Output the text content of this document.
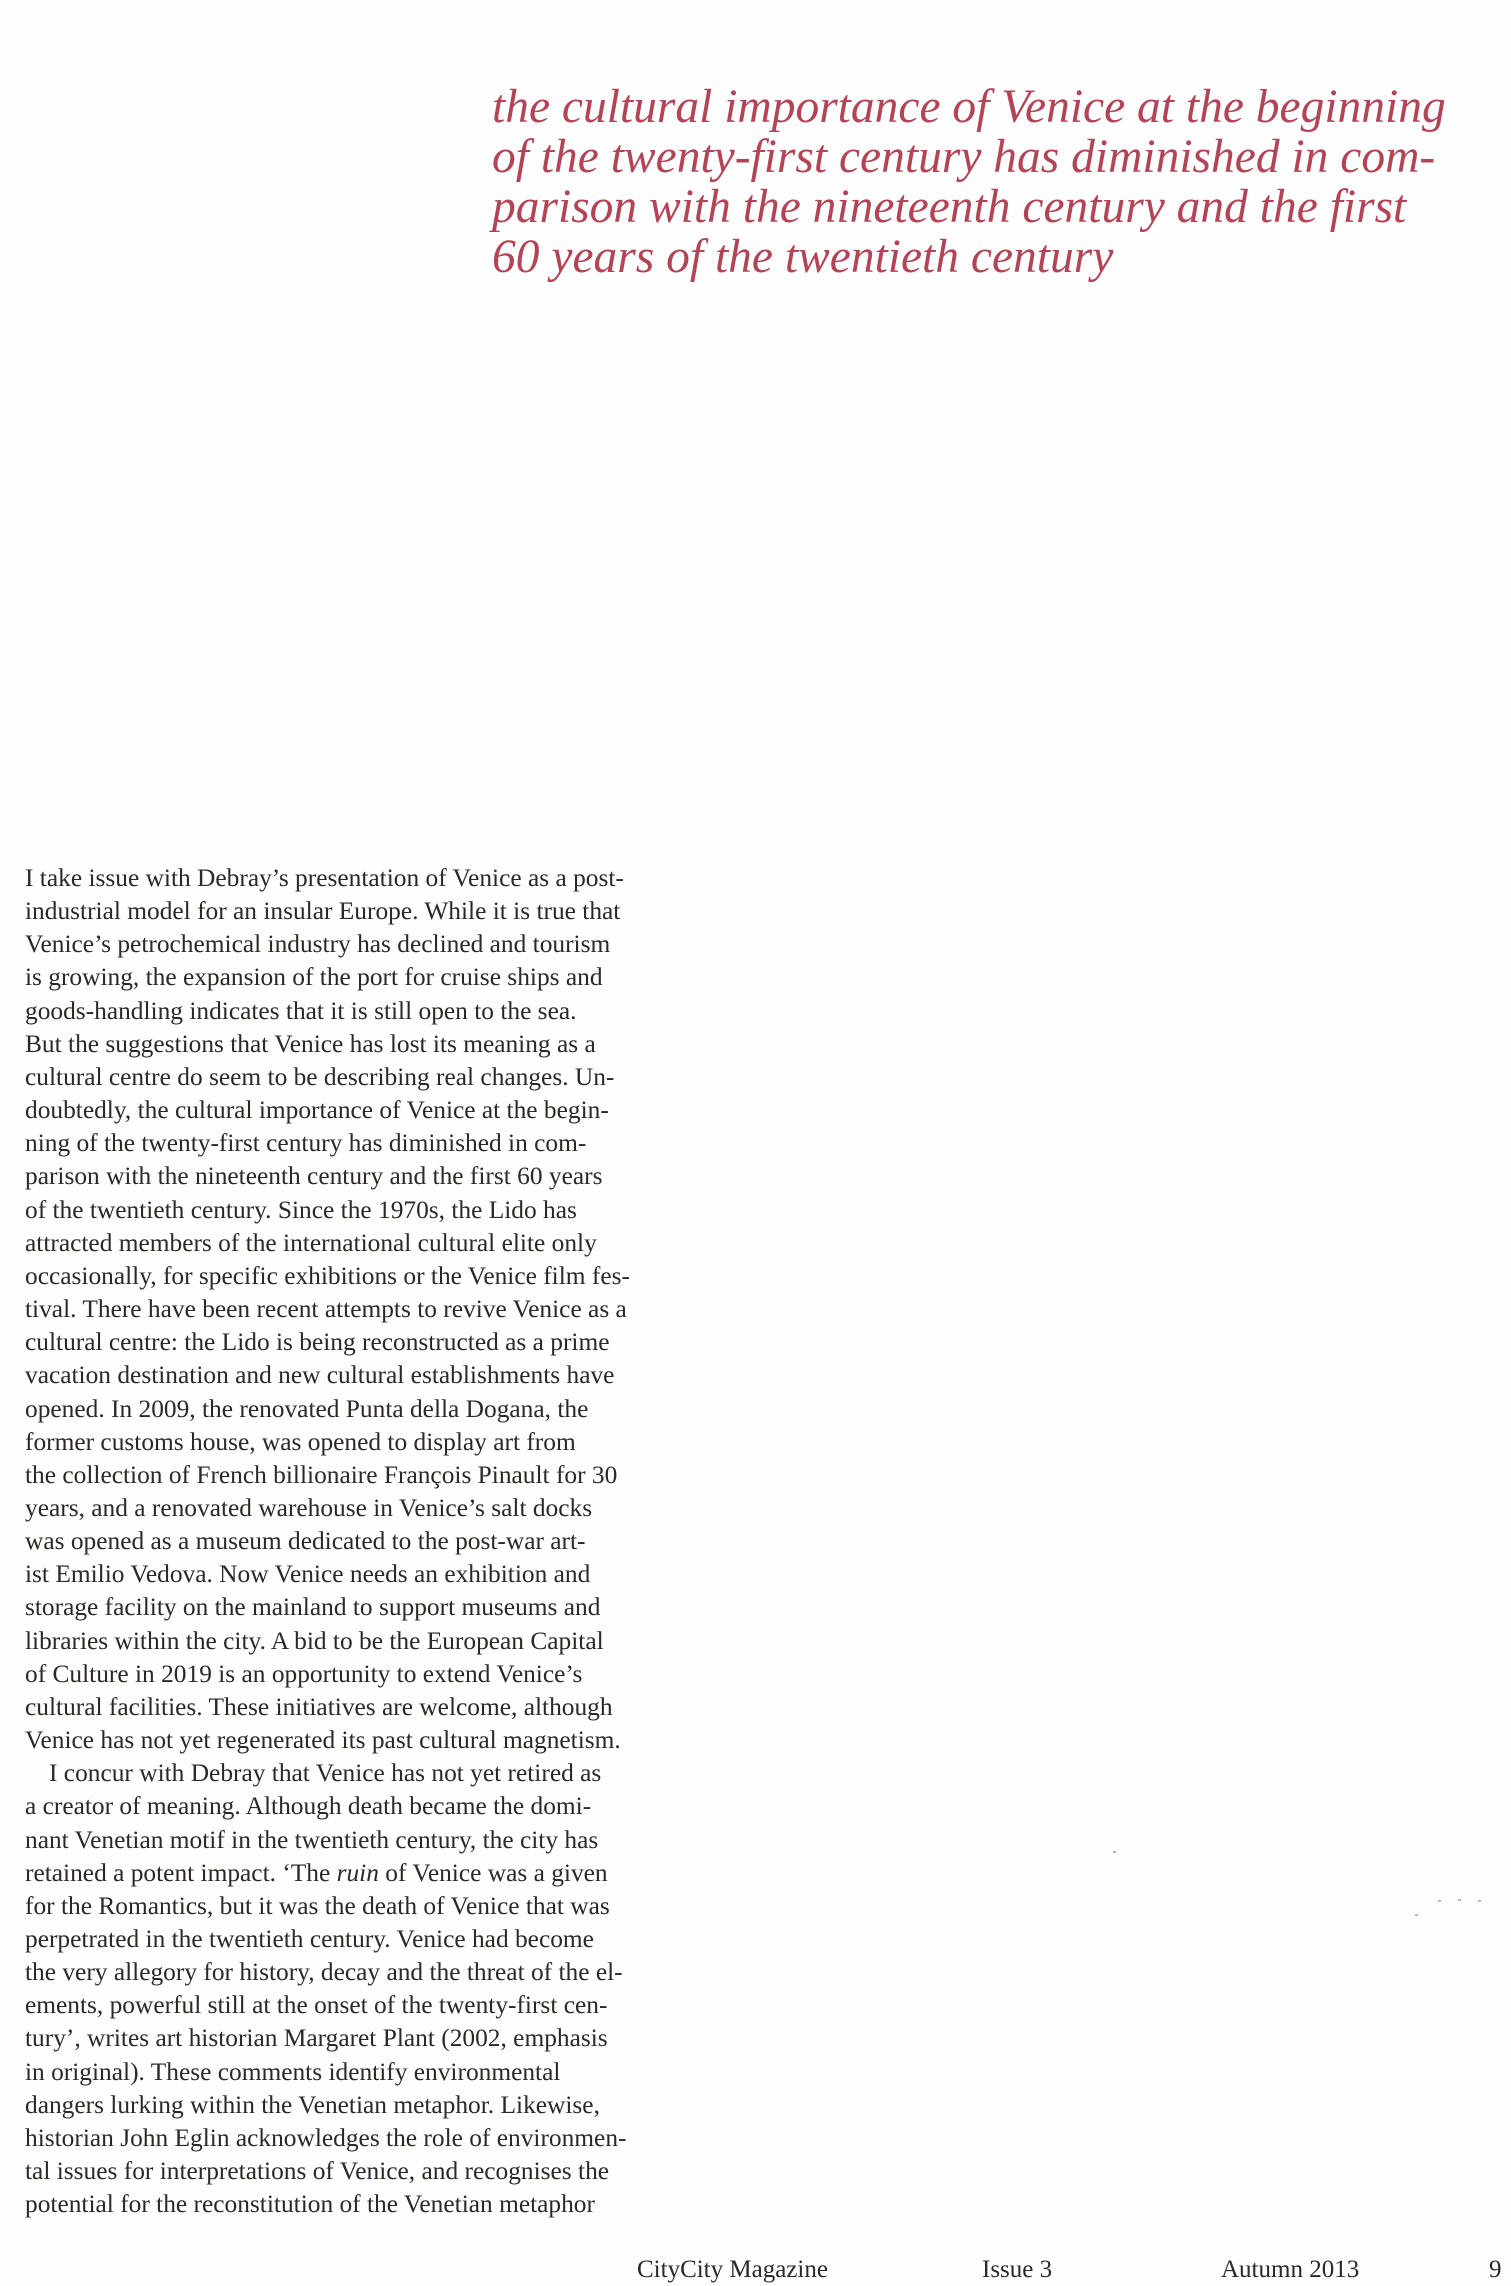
the cultural importance of Venice at the beginning
of the twenty-first century has diminished in com-
parison with the nineteenth century and the first
60 years of the twentieth century
I take issue with Debray’s presentation of Venice as a post-
industrial model for an insular Europe. While it is true that
Venice’s petrochemical industry has declined and tourism
is growing, the expansion of the port for cruise ships and
goods-handling indicates that it is still open to the sea.
But the suggestions that Venice has lost its meaning as a
cultural centre do seem to be describing real changes. Un-
doubtedly, the cultural importance of Venice at the begin-
ning of the twenty-first century has diminished in com-
parison with the nineteenth century and the first 60 years
of the twentieth century. Since the 1970s, the Lido has
attracted members of the international cultural elite only
occasionally, for specific exhibitions or the Venice film fes-
tival. There have been recent attempts to revive Venice as a
cultural centre: the Lido is being reconstructed as a prime
vacation destination and new cultural establishments have
opened. In 2009, the renovated Punta della Dogana, the
former customs house, was opened to display art from
the collection of French billionaire François Pinault for 30
years, and a renovated warehouse in Venice’s salt docks
was opened as a museum dedicated to the post-war art-
ist Emilio Vedova. Now Venice needs an exhibition and
storage facility on the mainland to support museums and
libraries within the city. A bid to be the European Capital
of Culture in 2019 is an opportunity to extend Venice’s
cultural facilities. These initiatives are welcome, although
Venice has not yet regenerated its past cultural magnetism.
I concur with Debray that Venice has not yet retired as
a creator of meaning. Although death became the domi-
nant Venetian motif in the twentieth century, the city has
retained a potent impact. ‘The ruin of Venice was a given
for the Romantics, but it was the death of Venice that was
perpetrated in the twentieth century. Venice had become
the very allegory for history, decay and the threat of the el-
ements, powerful still at the onset of the twenty-first cen-
tury’, writes art historian Margaret Plant (2002, emphasis
in original). These comments identify environmental
dangers lurking within the Venetian metaphor. Likewise,
historian John Eglin acknowledges the role of environmen-
tal issues for interpretations of Venice, and recognises the
potential for the reconstitution of the Venetian metaphor
CityCity Magazine	Issue 3	Autumn 2013	9
